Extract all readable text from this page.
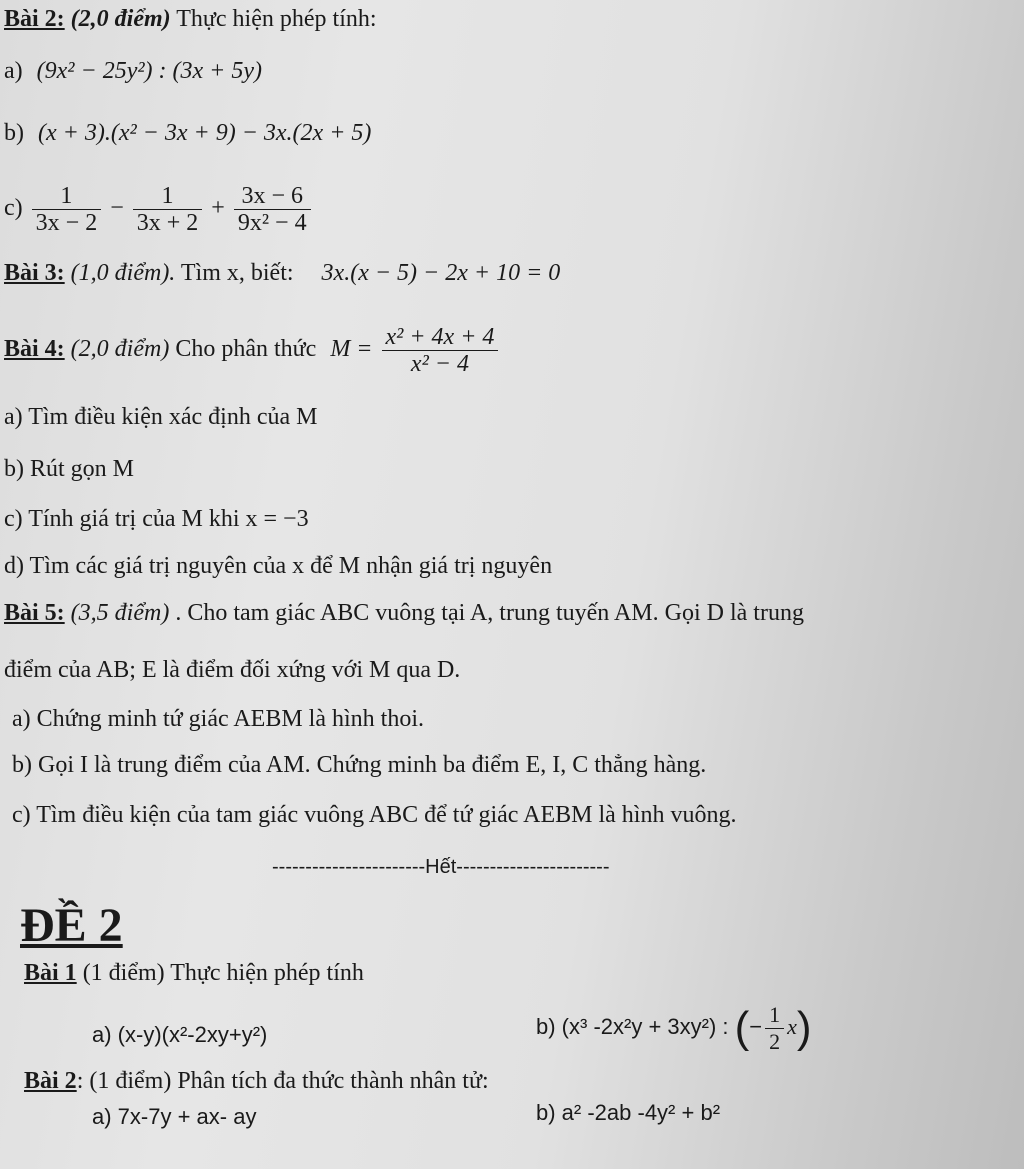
Bài 2: (2,0 điểm) Thực hiện phép tính:
a) (9x² − 25y²) : (3x + 5y)
b) (x + 3).(x² − 3x + 9) − 3x.(2x + 5)
$c) \frac{1}{3x - 2} - \frac{1}{3x + 2} + \frac{3x - 6}{\text{9x² − 4}}$
Bài 3: (1,0 điểm). Tìm x, biết: 3x.(x − 5) − 2x + 10 = 0
Bài 4: (2,0 điểm) Cho phân thức $M = \frac{\text{x² + 4x + 4}}{\text{x² − 4}}$
a) Tìm điều kiện xác định của M
b) Rút gọn M
c) Tính giá trị của M khi x = −3
d) Tìm các giá trị nguyên của x để M nhận giá trị nguyên
Bài 5: (3,5 điểm) . Cho tam giác ABC vuông tại A, trung tuyến AM. Gọi D là trung
điểm của AB; E là điểm đối xứng với M qua D.
a) Chứng minh tứ giác AEBM là hình thoi.
b) Gọi I là trung điểm của AM. Chứng minh ba điểm E, I, C thẳng hàng.
c) Tìm điều kiện của tam giác vuông ABC để tứ giác AEBM là hình vuông.
-----------------------Hết-----------------------
ĐỀ 2
Bài 1 (1 điểm) Thực hiện phép tính
a) (x-y)(x²-2xy+y²)	b) (x³ -2x²y + 3xy²) : (− $\frac{1}{2} x$)
Bài 2: (1 điểm) Phân tích đa thức thành nhân tử:
a) 7x-7y + ax- ay	b) a² -2ab -4y² + b²
